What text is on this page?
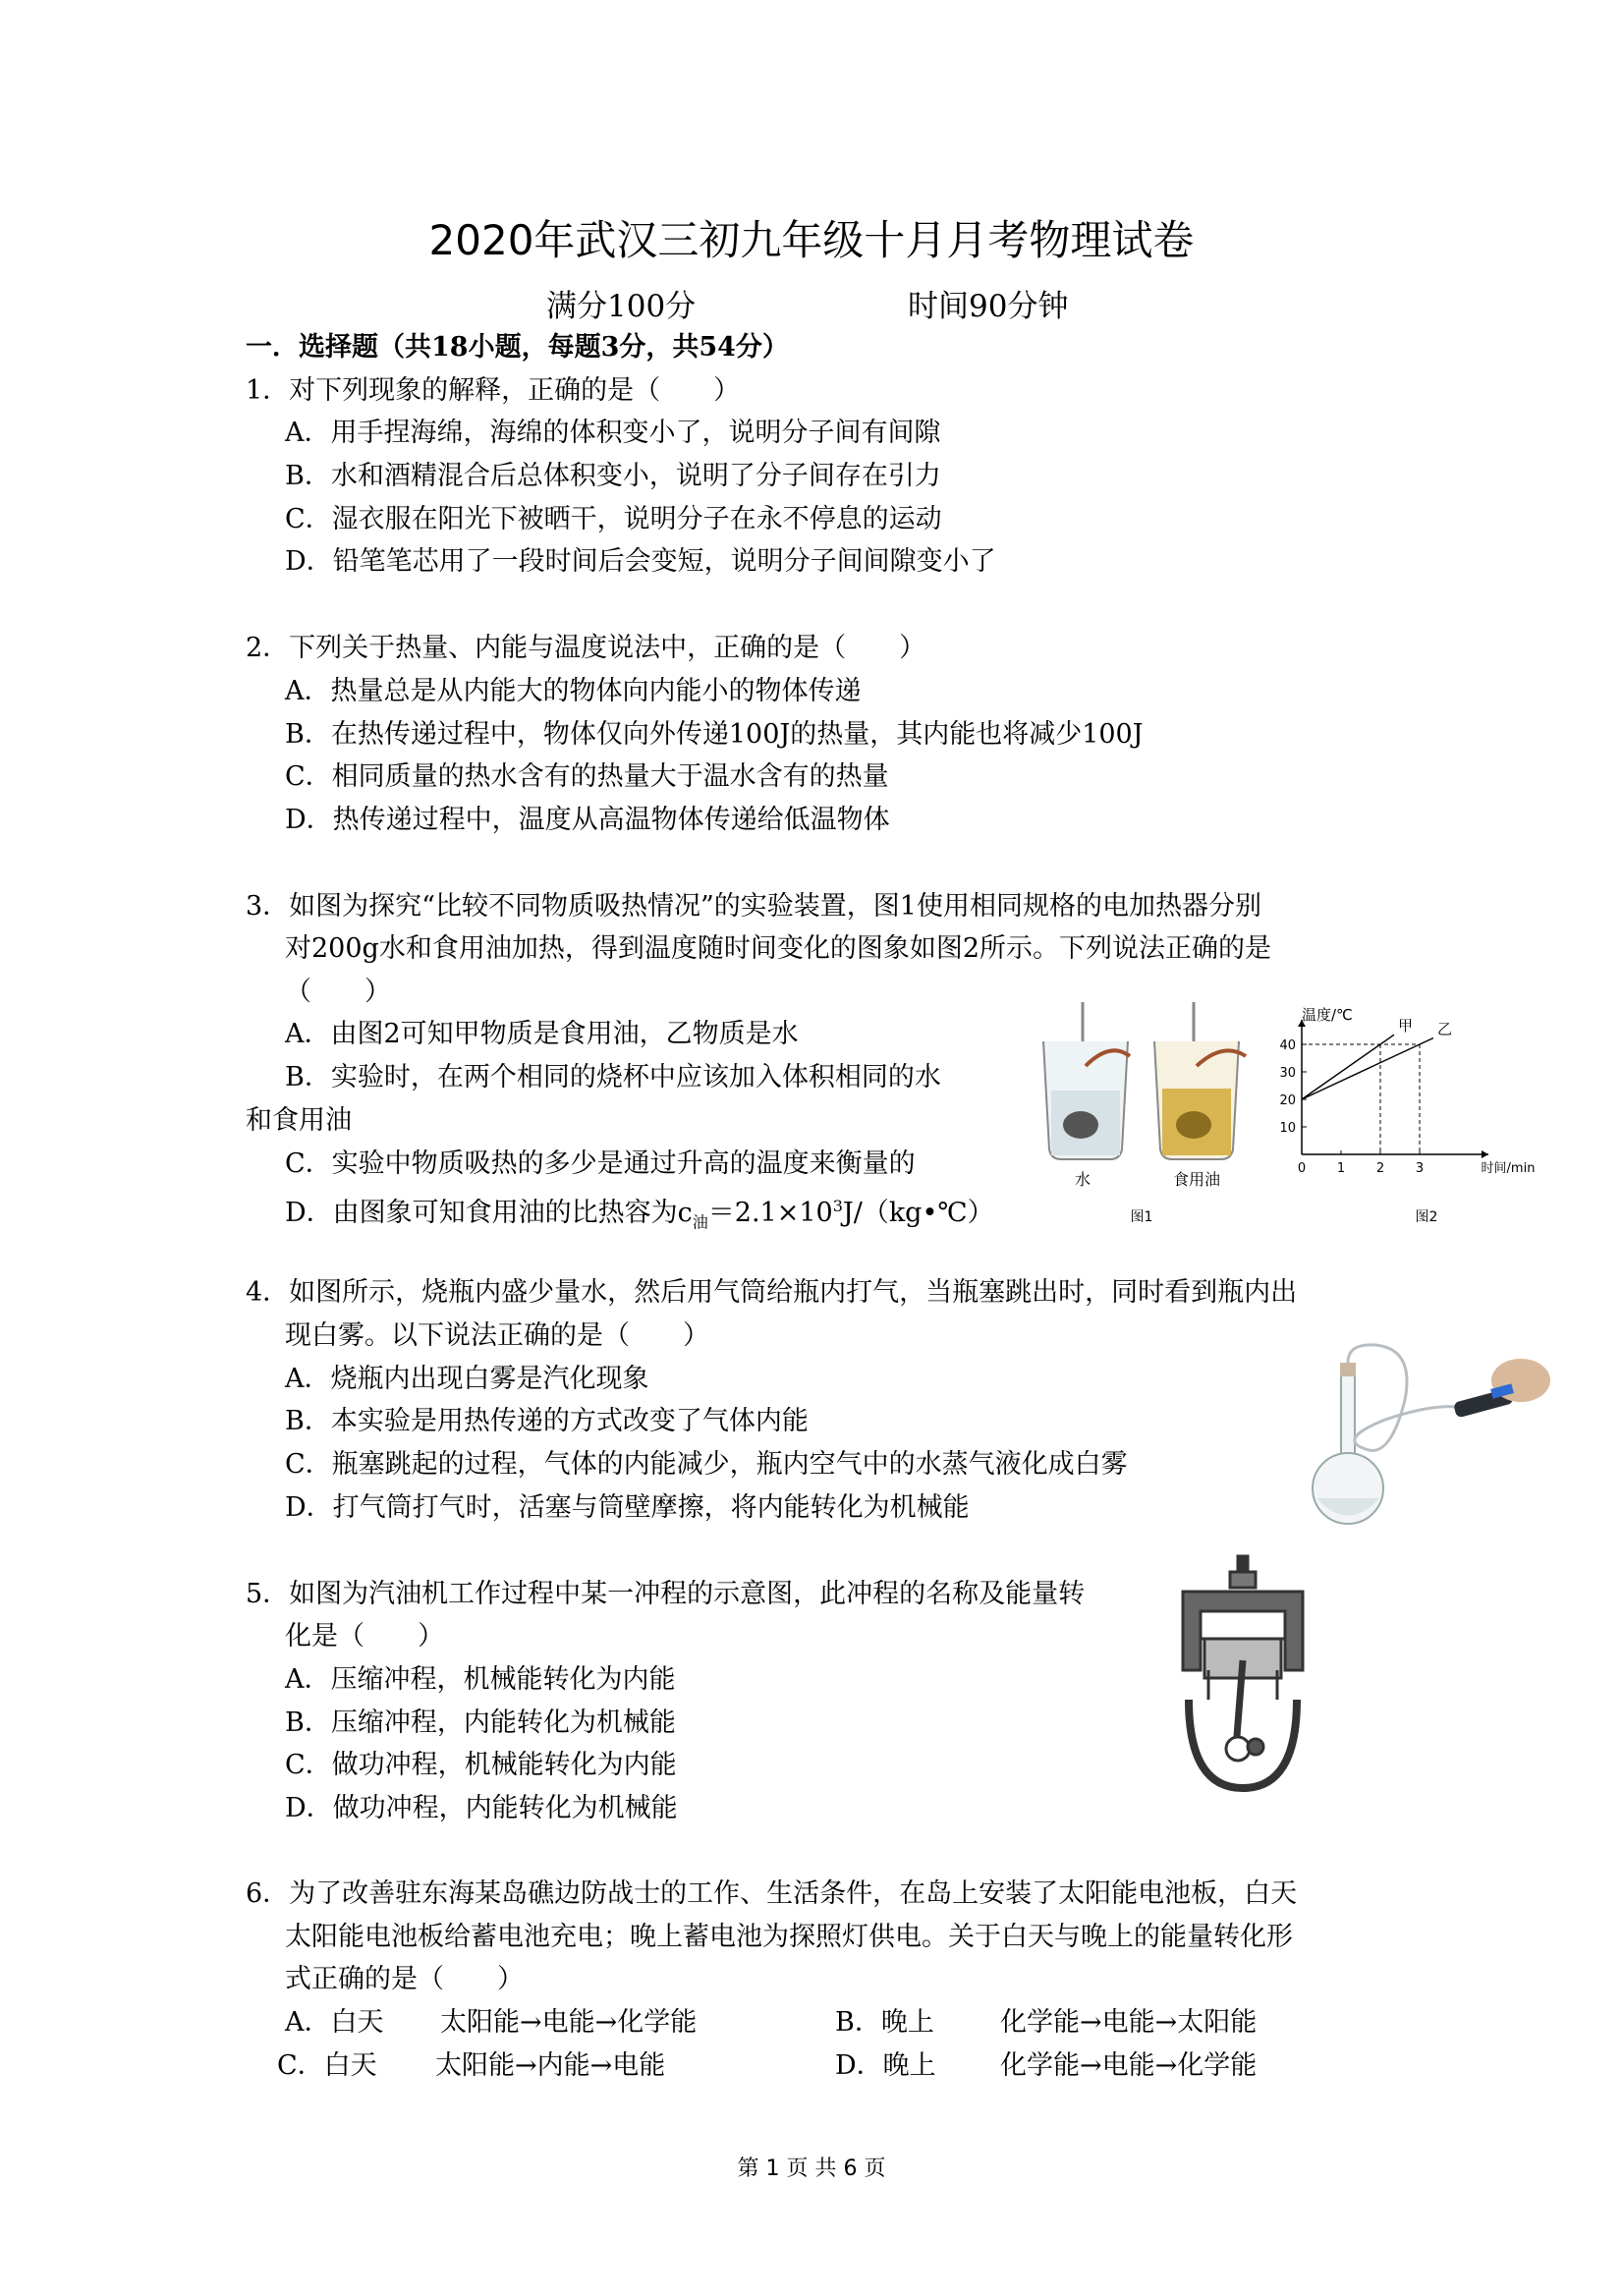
2020年武汉三初九年级十月月考物理试卷
满分100分	时间90分钟
一．选择题（共18小题，每题3分，共54分）
1．对下列现象的解释，正确的是（　　）
A．用手捏海绵，海绵的体积变小了，说明分子间有间隙
B．水和酒精混合后总体积变小，说明了分子间存在引力
C．湿衣服在阳光下被晒干，说明分子在永不停息的运动
D．铅笔笔芯用了一段时间后会变短，说明分子间间隙变小了
2．下列关于热量、内能与温度说法中，正确的是（　　）
A．热量总是从内能大的物体向内能小的物体传递
B．在热传递过程中，物体仅向外传递100J的热量，其内能也将减少100J
C．相同质量的热水含有的热量大于温水含有的热量
D．热传递过程中，温度从高温物体传递给低温物体
3．如图为探究“比较不同物质吸热情况”的实验装置，图1使用相同规格的电加热器分别
对200g水和食用油加热，得到温度随时间变化的图象如图2所示。下列说法正确的是
（　　）
A．由图2可知甲物质是食用油，乙物质是水
B．实验时，在两个相同的烧杯中应该加入体积相同的水
和食用油
C．实验中物质吸热的多少是通过升高的温度来衡量的
D．由图象可知食用油的比热容为$c_油=2.1\times 10^3J/(kg•℃)$
水	食用油
图1
温度/℃
时间/min
图2
40
30
20
10
0 1 2 3
甲 乙
4．如图所示，烧瓶内盛少量水，然后用气筒给瓶内打气，当瓶塞跳出时，同时看到瓶内出
现白雾。以下说法正确的是（　　）
A．烧瓶内出现白雾是汽化现象
B．本实验是用热传递的方式改变了气体内能
C．瓶塞跳起的过程，气体的内能减少，瓶内空气中的水蒸气液化成白雾
D．打气筒打气时，活塞与筒壁摩擦，将内能转化为机械能
5．如图为汽油机工作过程中某一冲程的示意图，此冲程的名称及能量转
化是（　　）
A．压缩冲程，机械能转化为内能
B．压缩冲程，内能转化为机械能
C．做功冲程，机械能转化为内能
D．做功冲程，内能转化为机械能
6．为了改善驻东海某岛礁边防战士的工作、生活条件，在岛上安装了太阳能电池板，白天
太阳能电池板给蓄电池充电；晚上蓄电池为探照灯供电。关于白天与晚上的能量转化形
式正确的是（　　）
A．白天 太阳能→电能→化学能	B．晚上 化学能→电能→太阳能
C．白天 太阳能→内能→电能	D．晚上 化学能→电能→化学能
第 1 页 共 6 页
